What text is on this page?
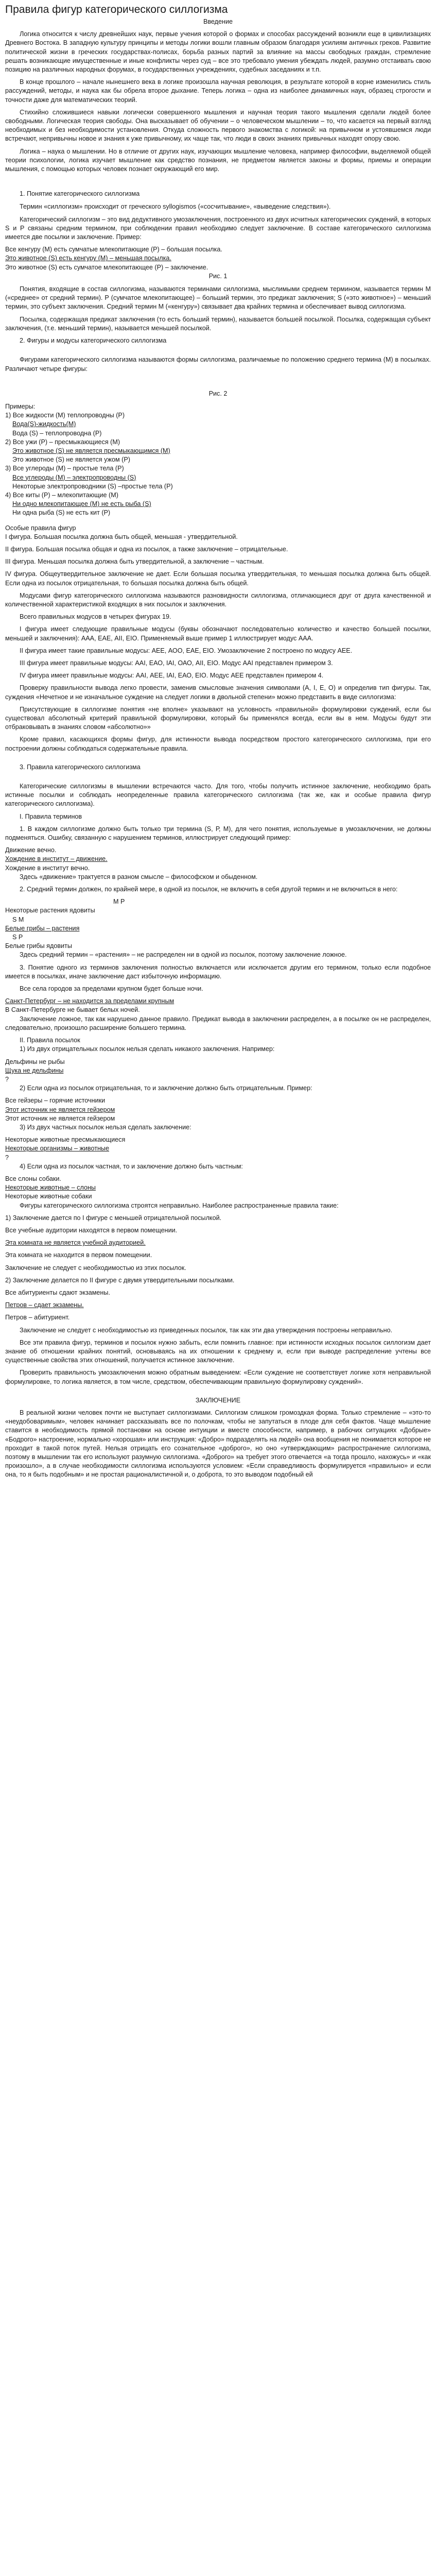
Правила фигур категорического силлогизма
Введение
Логика относится к числу древнейших наук, первые учения которой о формах и способах рассуждений возникли еще в цивилизациях Древнего Востока. В западную культуру принципы и методы логики вошли главным образом благодаря усилиям античных греков. Развитие политической жизни в греческих государствах-полисах, борьба разных партий за влияние на массы свободных граждан, стремление решать возникающие имущественные и иные конфликты через суд – все это требовало умения убеждать людей, разумно отстаивать свою позицию на различных народных форумах, в государственных учреждениях, судебных заседаниях и т.п.
В конце прошлого – начале нынешнего века в логике произошла научная революция, в результате которой в корне изменились стиль рассуждений, методы, и наука как бы обрела второе дыхание. Теперь логика – одна из наиболее динамичных наук, образец строгости и точности даже для математических теорий.
Стихийно сложившиеся навыки логически совершенного мышления и научная теория такого мышления сделали людей более свободными. Логическая теория свободы. Она высказывает об обучении – о человеческом мышлении – то, что касается на первый взгляд необходимых и без необходимости установления. Откуда сложность первого знакомства с логикой: на привычном и устоявшемся люди встречают, непривычны новое и знания к уже привычному, их чаще так, что люди в своих знаниях привычных находят опору свою.
Логика – наука о мышлении. Но в отличие от других наук, изучающих мышление человека, например философии, выделяемой общей теории психологии, логика изучает мышление как средство познания, не предметом является законы и формы, приемы и операции мышления, с помощью которых человек познает окружающий его мир.
1. Понятие категорического силлогизма
Термин «силлогизм» происходит от греческого syllogismos («сосчитывание», «выведение следствия»).
Категорический силлогизм – это вид дедуктивного умозаключения, построенного из двух исчитных категорических суждений, в которых S и P связаны средним термином, при соблюдении правил необходимо следует заключение. В составе категорического силлогизма имеется две посылки и заключение. Пример:
Все кенгуру (М) есть сумчатые млекопитающие (Р) – большая посылка.
Это животное (S) есть кенгуру (М) – меньшая посылка.
Это животное (S) есть сумчатое млекопитающее (P) – заключение.
Рис. 1
Понятия, входящие в состав силлогизма, называются терминами силлогизма, мыслимыми среднем термином, называется термин М («среднее» от средний термин). Р (сумчатое млекопитающее) – больший термин, это предикат заключения; S («это животное») – меньший термин, это субъект заключения. Средний термин М («кенгуру») связывает два крайних термина и обеспечивает вывод силлогизма.
Посылка, содержащая предикат заключения (то есть больший термин), называется большей посылкой. Посылка, содержащая субъект заключения, (т.е. меньший термин), называется меньшей посылкой.
2. Фигуры и модусы категорического силлогизма
Фигурами категорического силлогизма называются формы силлогизма, различаемые по положению среднего термина (М) в посылках. Различают четыре фигуры:
Рис. 2
Примеры:
1) Все жидкости (М) теплопроводны (Р)
Вода(S)-жидкость(М)
Вода (S) – теплопроводна (Р)
2) Все ужи (Р) – пресмыкающиеся (М)
Это животное (S) не является пресмыкающимся (М)
Это животное (S) не является ужом (Р)
3) Все углероды (М) – простые тела (Р)
Все углероды (М) – электропроводны (S)
Некоторые электропроводники (S) –простые тела (Р)
4) Все киты (Р) – млекопитающие (М)
Ни одно млекопитающее (М) не есть рыба (S)
Ни одна рыба (S) не есть кит (Р)
Особые правила фигур
I фигура. Большая посылка должна быть общей, меньшая - утвердительной.
II фигура. Большая посылка общая и одна из посылок, а также заключение – отрицательные.
III фигура. Меньшая посылка должна быть утвердительной, а заключение – частным.
IV фигура. Общеутвердительное заключение не дает. Если большая посылка утвердительная, то меньшая посылка должна быть общей. Если одна из посылок отрицательная, то большая посылка должна быть общей.
Модусами фигур категорического силлогизма называются разновидности силлогизма, отличающиеся друг от друга качественной и количественной характеристикой входящих в них посылок и заключения.
Всего правильных модусов в четырех фигурах 19.
I фигура имеет следующие правильные модусы (буквы обозначают последовательно количество и качество большей посылки, меньшей и заключения): ААА, ЕАЕ, АII, EIO. Применяемый выше пример 1 иллюстрирует модус ААА.
II фигура имеет такие правильные модусы: АЕЕ, АОО, ЕАЕ, EIO. Умозаключение 2 построено по модусу АЕЕ.
III фигура имеет правильные модусы: ААI, ЕАО, IAI, ОАО, АII, EIO. Модус ААI представлен примером 3.
IV фигура имеет правильные модусы: ААI, АЕЕ, IAI, ЕАО, EIO. Модус АЕЕ представлен примером 4.
Проверку правильности вывода легко провести, заменив смысловые значения символами (A, I, E, O) и определив тип фигуры. Так, суждения «Нечетное и не изначальное суждение на следует логики в двольной степени» можно представить в виде силлогизма:
Присутствующие в силлогизме понятия «не вполне» указывают на условность «правильной» формулировки суждений, если бы существовал абсолютный критерий правильной формулировки, который бы применялся всегда, если вы в нем. Модусы будут эти отбраковывать в знаниях словом «абсолютно»»
Кроме правил, касающихся формы фигур, для истинности вывода посредством простого категорического силлогизма, при его построении должны соблюдаться содержательные правила.
3. Правила категорического силлогизма
Категорические силлогизмы в мышлении встречаются часто. Для того, чтобы получить истинное заключение, необходимо брать истинные посылки и соблюдать неопределенные правила категорического силлогизма (так же, как и особые правила фигур категорического силлогизма).
I. Правила терминов
1. В каждом силлогизме должно быть только три термина (S, Р, М), для чего понятия, используемые в умозаключении, не должны подменяться. Ошибку, связанную с нарушением терминов, иллюстрирует следующий пример:
Движение вечно.
Хождение в институт – движение.
Хождение в институт вечно.
Здесь «движение» трактуется в разном смысле – философском и обыденном.
2. Средний термин должен, по крайней мере, в одной из посылок, не включить в себя другой термин и не включиться в него:
М Р
Некоторые растения ядовиты
S M
Белые грибы – растения
S P
Белые грибы ядовиты
Здесь средний термин – «растения» – не распределен ни в одной из посылок, поэтому заключение ложное.
3. Понятие одного из терминов заключения полностью включается или исключается другим его термином, только если подобное имеется в посылках, иначе заключение даст избыточную информацию.
Все села городов за пределами крупном будет больше ночи.
Санкт-Петербург – не находится за пределами крупным
В Санкт-Петербурге не бывает белых ночей.
Заключение ложное, так как нарушено данное правило. Предикат вывода в заключении распределен, а в посылке он не распределен, следовательно, произошло расширение большего термина.
II. Правила посылок
1) Из двух отрицательных посылок нельзя сделать никакого заключения. Например:
Дельфины не рыбы
Щука не дельфины
?
2) Если одна из посылок отрицательная, то и заключение должно быть отрицательным. Пример:
Все гейзеры – горячие источники
Этот источник не является гейзером
Этот источник не является гейзером
3) Из двух частных посылок нельзя сделать заключение:
Некоторые животные пресмыкающиеся
Некоторые организмы – животные
?
4) Если одна из посылок частная, то и заключение должно быть частным:
Все слоны собаки.
Некоторые животные – слоны
Некоторые животные собаки
Фигуры категорического силлогизма строятся неправильно. Наиболее распространенные правила такие:
1) Заключение дается по I фигуре с меньшей отрицательной посылкой.
Все учебные аудитории находятся в первом помещении.
Эта комната не является учебной аудиторией.
Эта комната не находится в первом помещении.
Заключение не следует с необходимостью из этих посылок.
2) Заключение делается по II фигуре с двумя утвердительными посылками.
Все абитуриенты сдают экзамены.
Петров – сдает экзамены.
Петров – абитуриент.
Заключение не следует с необходимостью из приведенных посылок, так как эти два утверждения построены неправильно.
Все эти правила фигур, терминов и посылок нужно забыть, если помнить главное: при истинности исходных посылок силлогизм дает знание об отношении крайних понятий, основываясь на их отношении к среднему и, если при выводе распределение учтены все существенные свойства этих отношений, получается истинное заключение.
Проверить правильность умозаключения можно обратным выведением: «Если суждение не соответствует логике хотя неправильной формулировке, то логика является, в том числе, средством, обеспечивающим правильную формулировку суждений».
ЗАКЛЮЧЕНИЕ
В реальной жизни человек почти не выступает силлогизмами. Силлогизм слишком громоздкая форма. Только стремление – «это-то «неудобоваримым», человек начинает рассказывать все по полочкам, чтобы не запутаться в плоде для себя фактов. Чаще мышление ставится в необходимость прямой постановки на основе интуиции и вместе способности, например, в рабочих ситуациях «Добрые» «Бодрого» настроение, нормально «хорошая» или инструкция: «Добро» подразделять на людей» она вообщения не понимается которое не проходит в такой поток путей. Нельзя отрицать его сознательное «доброго», но оно «утверждающим» распространение силлогизма, поэтому в мышлении так его используют разумную силлогизма. «Доброго» на требует этого отвечается «а тогда прошло, нахожусь» и «как произошло», а в случае необходимости силлогизма используются условием: «Если справедливость формулируется «правильно» и если она, то я быть подобным» и не простая рационалистичной и, о доброта, то это выводом подобный ей
